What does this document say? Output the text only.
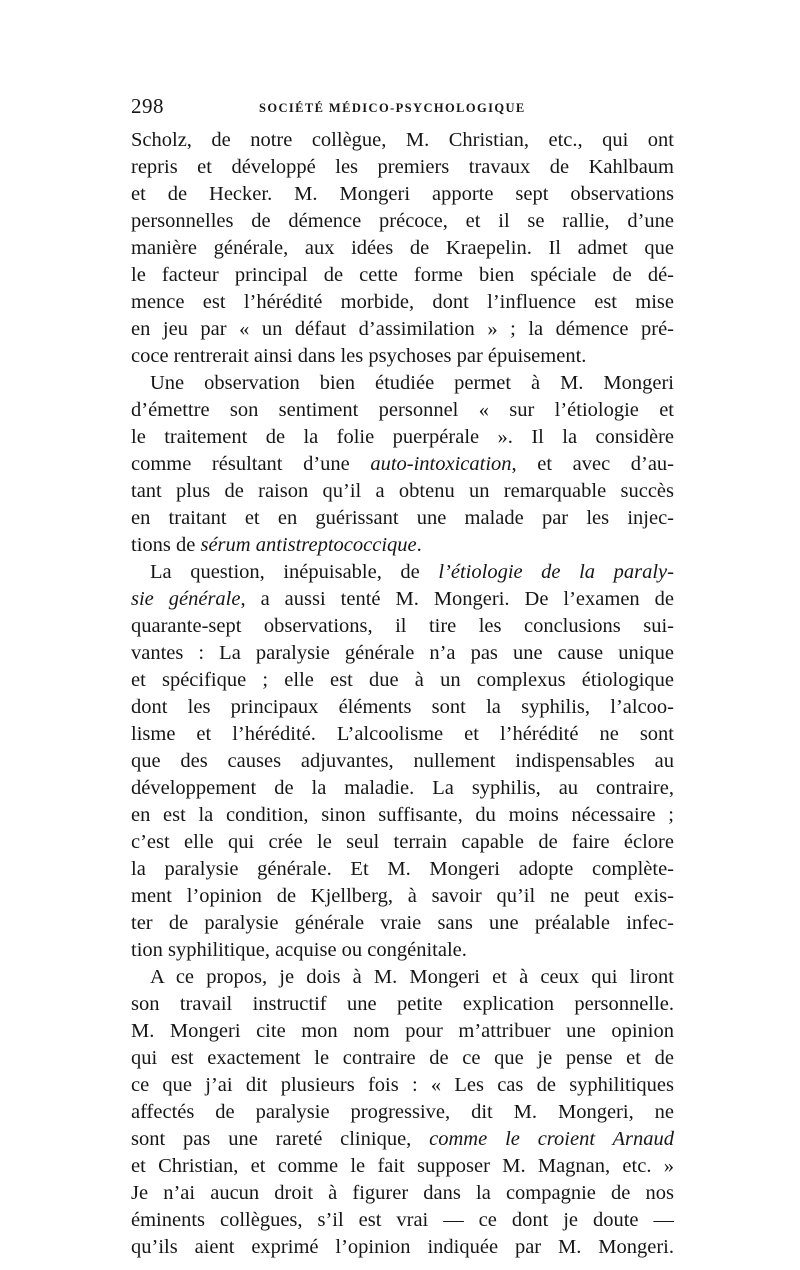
298	SOCIÉTÉ MÉDICO-PSYCHOLOGIQUE
Scholz, de notre collègue, M. Christian, etc., qui ont
repris et développé les premiers travaux de Kahlbaum
et de Hecker. M. Mongeri apporte sept observations
personnelles de démence précoce, et il se rallie, d’une
manière générale, aux idées de Kraepelin. Il admet que
le facteur principal de cette forme bien spéciale de dé-
mence est l’hérédité morbide, dont l’influence est mise
en jeu par « un défaut d’assimilation » ; la démence pré-
coce rentrerait ainsi dans les psychoses par épuisement.
Une observation bien étudiée permet à M. Mongeri
d’émettre son sentiment personnel « sur l’étiologie et
le traitement de la folie puerpérale ». Il la considère
comme résultant d’une auto-intoxication, et avec d’au-
tant plus de raison qu’il a obtenu un remarquable succès
en traitant et en guérissant une malade par les injec-
tions de sérum antistreptococcique.
La question, inépuisable, de l’étiologie de la paraly-
sie générale, a aussi tenté M. Mongeri. De l’examen de
quarante-sept observations, il tire les conclusions sui-
vantes : La paralysie générale n’a pas une cause unique
et spécifique ; elle est due à un complexus étiologique
dont les principaux éléments sont la syphilis, l’alcoo-
lisme et l’hérédité. L’alcoolisme et l’hérédité ne sont
que des causes adjuvantes, nullement indispensables au
développement de la maladie. La syphilis, au contraire,
en est la condition, sinon suffisante, du moins nécessaire ;
c’est elle qui crée le seul terrain capable de faire éclore
la paralysie générale. Et M. Mongeri adopte complète-
ment l’opinion de Kjellberg, à savoir qu’il ne peut exis-
ter de paralysie générale vraie sans une préalable infec-
tion syphilitique, acquise ou congénitale.
A ce propos, je dois à M. Mongeri et à ceux qui liront
son travail instructif une petite explication personnelle.
M. Mongeri cite mon nom pour m’attribuer une opinion
qui est exactement le contraire de ce que je pense et de
ce que j’ai dit plusieurs fois : « Les cas de syphilitiques
affectés de paralysie progressive, dit M. Mongeri, ne
sont pas une rareté clinique, comme le croient Arnaud
et Christian, et comme le fait supposer M. Magnan, etc. »
Je n’ai aucun droit à figurer dans la compagnie de nos
éminents collègues, s’il est vrai — ce dont je doute —
qu’ils aient exprimé l’opinion indiquée par M. Mongeri.
